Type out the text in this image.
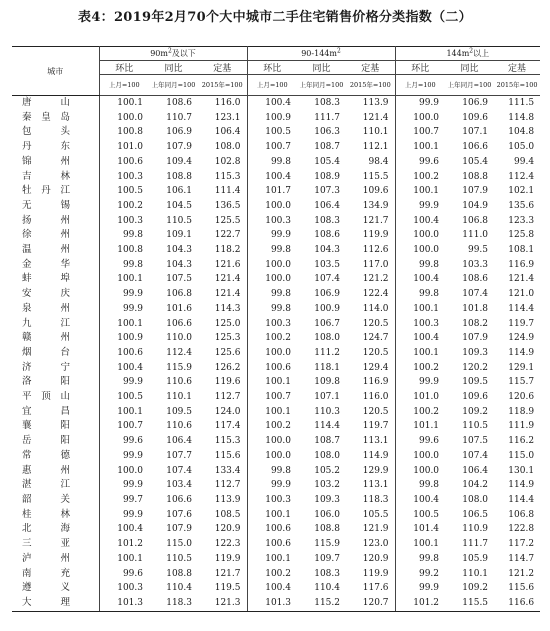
表4：2019年2月70个大中城市二手住宅销售价格分类指数（二）
城市	$90m^2$及以下			$90-144m^2$			$144m^2$以上		
	环比	同比	定基	环比	同比	定基	环比	同比	定基
	上月=100	上年同月=100	2015年=100	上月=100	上年同月=100	2015年=100	上月=100	上年同月=100	2015年=100
唐山	100.1	108.6	116.0	100.4	108.3	113.9	99.9	106.9	111.5
秦皇岛	100.0	110.7	123.1	100.9	111.7	121.4	100.0	109.6	114.8
包头	100.8	106.9	106.4	100.5	106.3	110.1	100.7	107.1	104.8
丹东	101.0	107.9	108.0	100.7	108.7	112.1	100.1	106.6	105.0
锦州	100.6	109.4	102.8	99.8	105.4	98.4	99.6	105.4	99.4
吉林	100.3	108.8	115.3	100.4	108.9	115.5	100.2	108.8	112.4
牡丹江	100.5	106.1	111.4	101.7	107.3	109.6	100.1	107.9	102.1
无锡	100.2	104.5	136.5	100.0	106.4	134.9	99.9	104.9	135.6
扬州	100.3	110.5	125.5	100.3	108.3	121.7	100.4	106.8	123.3
徐州	99.8	109.1	122.7	99.9	108.6	119.9	100.0	111.0	125.8
温州	100.8	104.3	118.2	99.8	104.3	112.6	100.0	99.5	108.1
金华	99.8	104.3	121.6	100.0	103.5	117.0	99.8	103.3	116.9
蚌埠	100.1	107.5	121.4	100.0	107.4	121.2	100.4	108.6	121.4
安庆	99.9	106.8	121.4	99.8	106.9	122.4	99.8	107.4	121.0
泉州	99.9	101.6	114.3	99.8	100.9	114.0	100.1	101.8	114.4
九江	100.1	106.6	125.0	100.3	106.7	120.5	100.3	108.2	119.7
赣州	100.9	110.0	125.3	100.2	108.0	124.7	100.4	107.9	124.9
烟台	100.6	112.4	125.6	100.0	111.2	120.5	100.1	109.3	114.9
济宁	100.4	115.9	126.2	100.6	118.1	129.4	100.2	120.2	129.1
洛阳	99.9	110.6	119.6	100.1	109.8	116.9	99.9	109.5	115.7
平顶山	100.5	110.1	112.7	100.7	107.1	116.0	101.0	109.6	120.6
宜昌	100.1	109.5	124.0	100.1	110.3	120.5	100.2	109.2	118.9
襄阳	100.7	110.6	117.4	100.2	114.4	119.7	101.1	110.5	111.9
岳阳	99.6	106.4	115.3	100.0	108.7	113.1	99.6	107.5	116.2
常德	99.9	107.7	115.6	100.0	108.0	114.9	100.0	107.4	115.0
惠州	100.0	107.4	133.4	99.8	105.2	129.9	100.0	106.4	130.1
湛江	99.9	103.4	112.7	99.9	103.2	113.1	99.8	104.2	114.9
韶关	99.7	106.6	113.9	100.3	109.3	118.3	100.4	108.0	114.4
桂林	99.9	107.6	108.5	100.1	106.0	105.5	100.5	106.5	106.8
北海	100.4	107.9	120.9	100.6	108.8	121.9	101.4	110.9	122.8
三亚	101.2	115.0	122.3	100.6	115.9	123.0	100.1	111.7	117.2
泸州	100.1	110.5	119.9	100.1	109.7	120.9	99.8	105.9	114.7
南充	99.6	108.8	121.7	100.2	108.3	119.9	99.2	110.1	121.2
遵义	100.3	110.4	119.5	100.4	110.4	117.6	99.9	109.2	115.6
大理	101.3	118.3	121.3	101.3	115.2	120.7	101.2	115.5	116.6
